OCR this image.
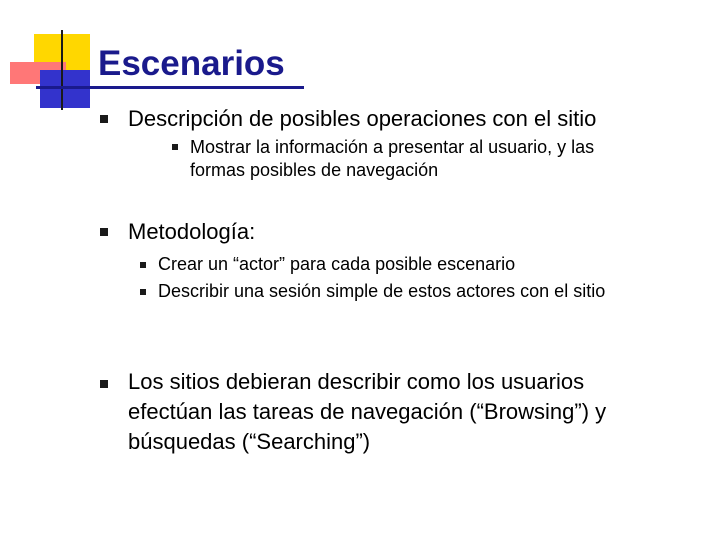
Escenarios
Descripción de posibles operaciones con el sitio
Mostrar la información a presentar al usuario, y las
formas posibles de navegación
Metodología:
Crear un “actor” para cada posible escenario
Describir una sesión simple de estos actores con el sitio
Los sitios debieran describir como los usuarios
efectúan las tareas de navegación (“Browsing”) y
búsquedas (“Searching”)
